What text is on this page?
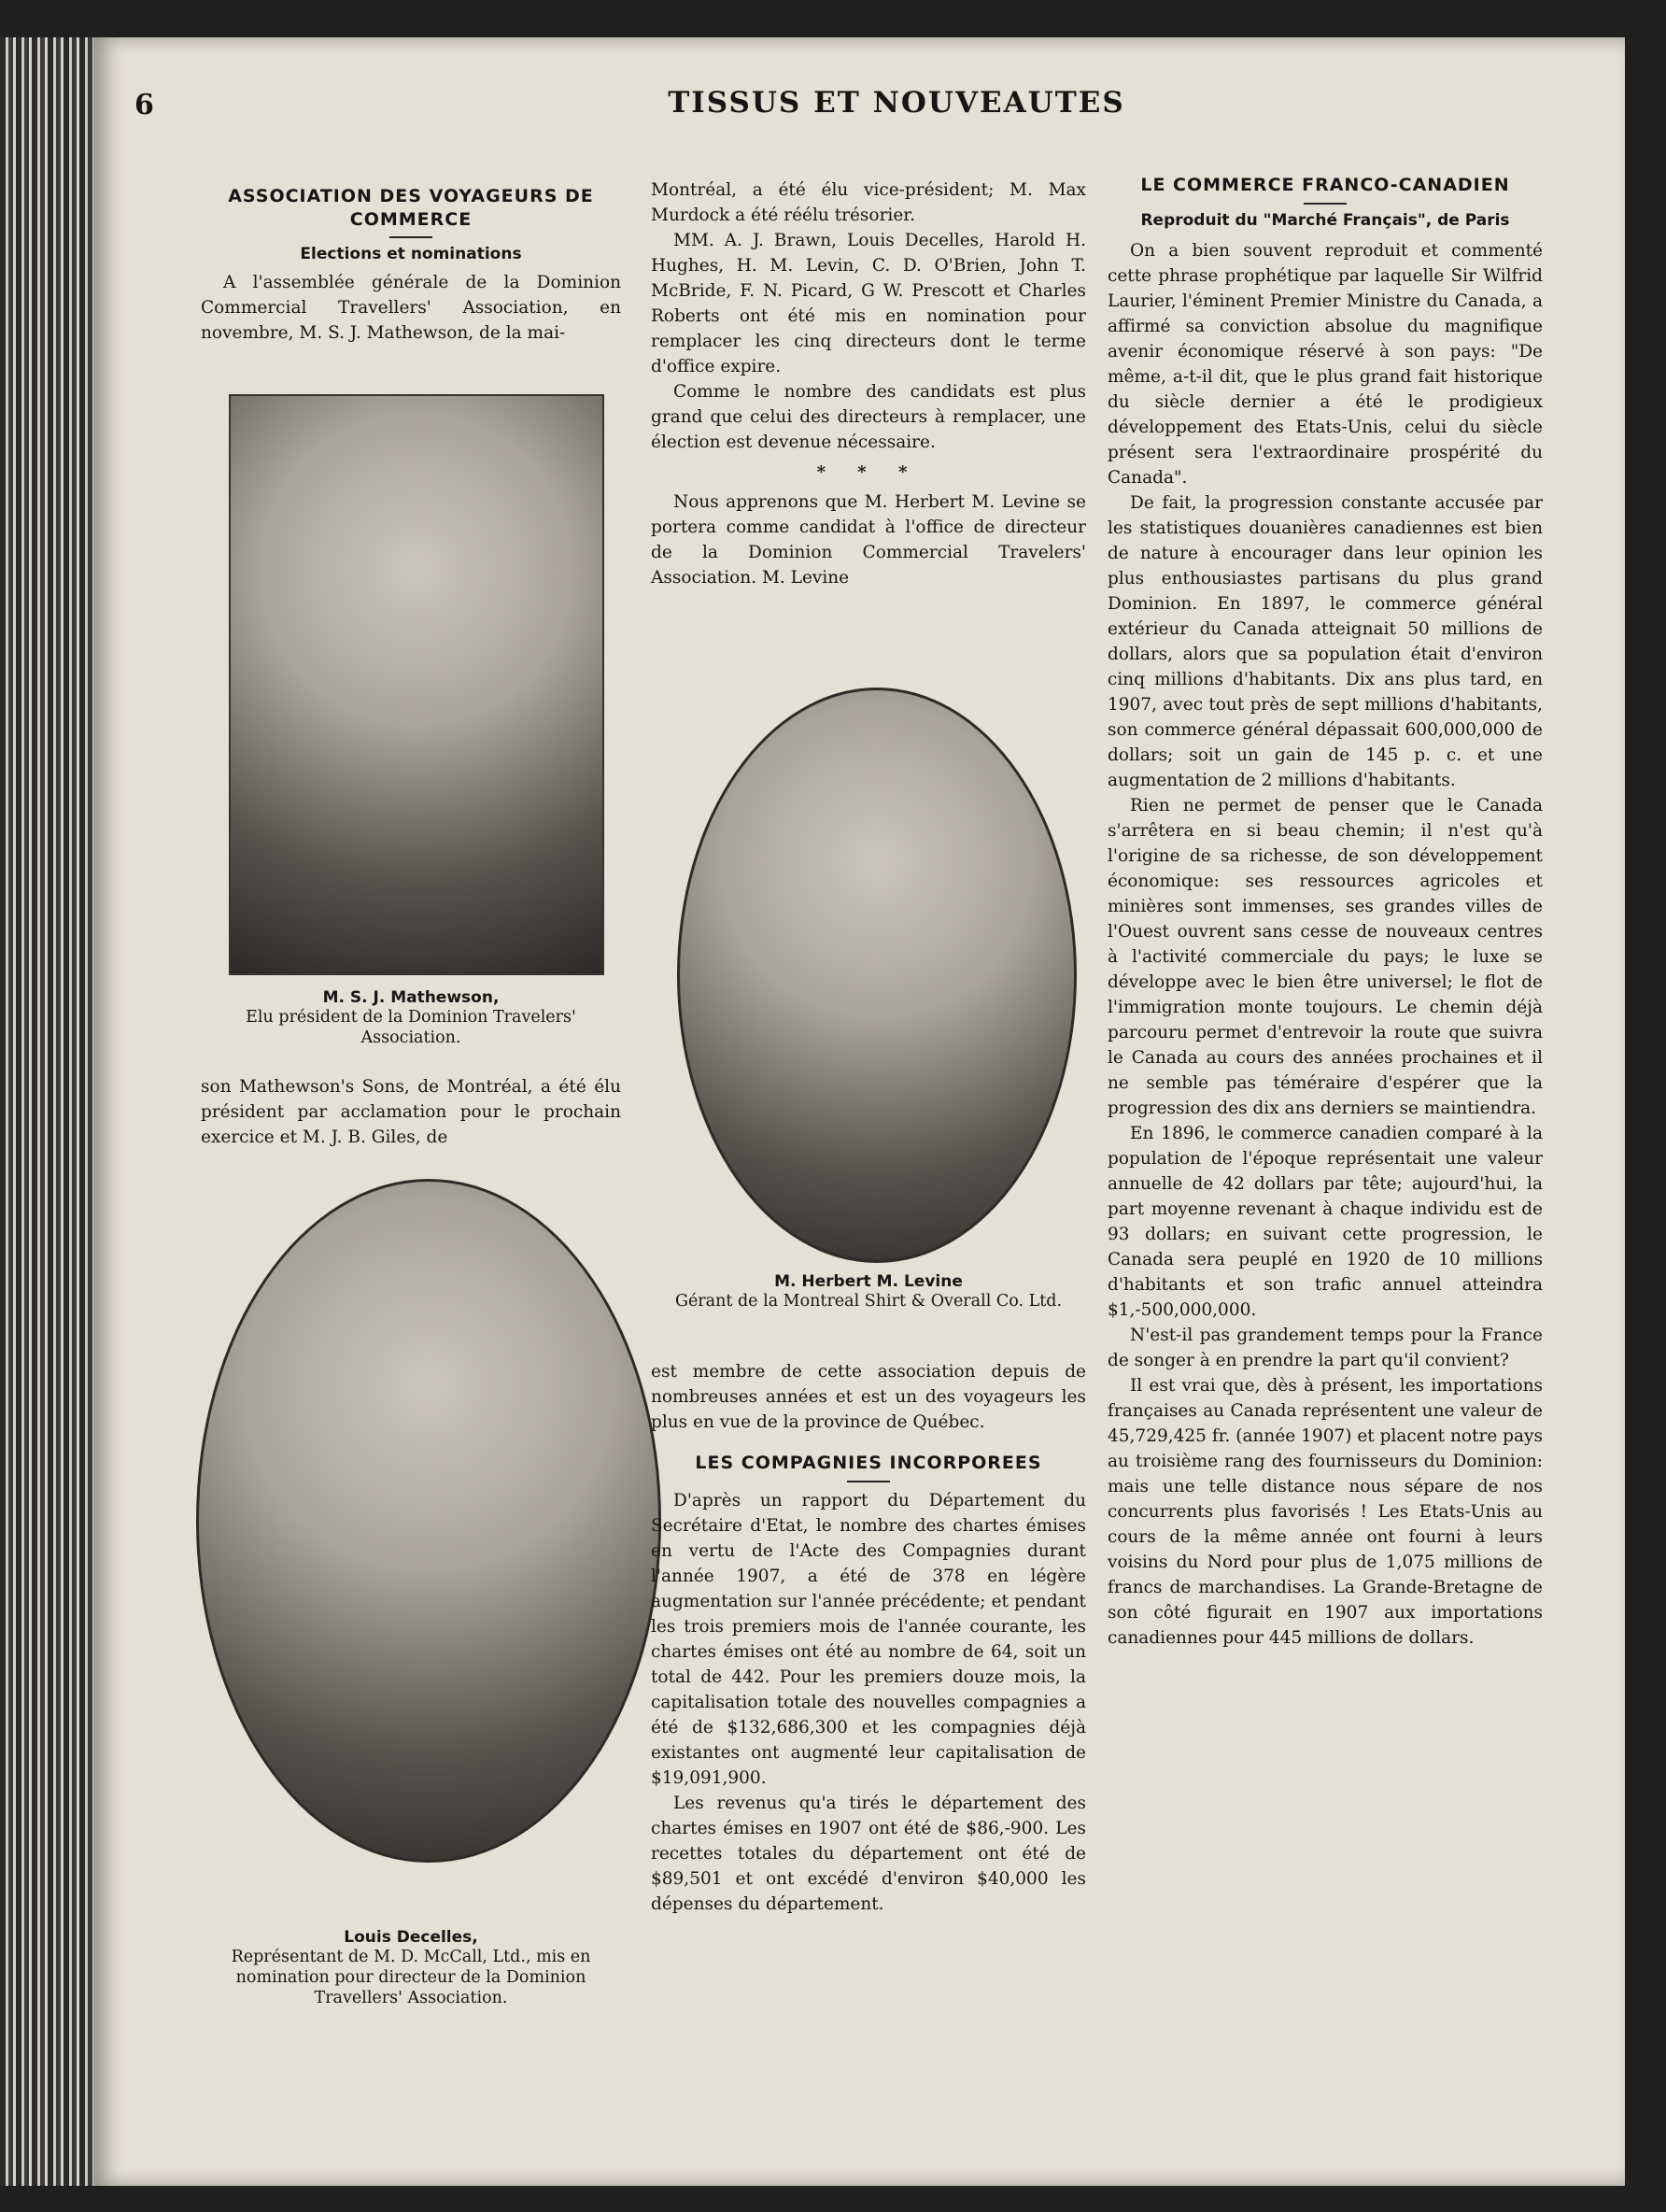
6	TISSUS ET NOUVEAUTES
ASSOCIATION DES VOYAGEURS DE COMMERCE
Elections et nominations

A l'assemblée générale de la Dominion Commercial Travellers' Association, en novembre, M. S. J. Mathewson, de la mai-

M. S. J. Mathewson,
Elu président de la Dominion Travelers' Association.

son Mathewson's Sons, de Montréal, a été élu président par acclamation pour le prochain exercice et M. J. B. Giles, de

Louis Decelles,
Représentant de M. D. McCall, Ltd., mis en nomination pour directeur de la Dominion Travellers' Association.

Montréal, a été élu vice-président; M. Max Murdock a été réélu trésorier.

MM. A. J. Brawn, Louis Decelles, Harold H. Hughes, H. M. Levin, C. D. O'Brien, John T. McBride, F. N. Picard, G W. Prescott et Charles Roberts ont été mis en nomination pour remplacer les cinq directeurs dont le terme d'office expire.

Comme le nombre des candidats est plus grand que celui des directeurs à remplacer, une élection est devenue nécessaire.

* * *

Nous apprenons que M. Herbert M. Levine se portera comme candidat à l'office de directeur de la Dominion Commercial Travelers' Association. M. Levine

M. Herbert M. Levine
Gérant de la Montreal Shirt & Overall Co. Ltd.

est membre de cette association depuis de nombreuses années et est un des voyageurs les plus en vue de la province de Québec.

LES COMPAGNIES INCORPOREES

D'après un rapport du Département du Secrétaire d'Etat, le nombre des chartes émises en vertu de l'Acte des Compagnies durant l'année 1907, a été de 378 en légère augmentation sur l'année précédente; et pendant les trois premiers mois de l'année courante, les chartes émises ont été au nombre de 64, soit un total de 442. Pour les premiers douze mois, la capitalisation totale des nouvelles compagnies a été de $132,686,300 et les compagnies déjà existantes ont augmenté leur capitalisation de $19,091,900.

Les revenus qu'a tirés le département des chartes émises en 1907 ont été de $86,-900. Les recettes totales du département ont été de $89,501 et ont excédé d'environ $40,000 les dépenses du département.

LE COMMERCE FRANCO-CANADIEN
Reproduit du "Marché Français", de Paris

On a bien souvent reproduit et commenté cette phrase prophétique par laquelle Sir Wilfrid Laurier, l'éminent Premier Ministre du Canada, a affirmé sa conviction absolue du magnifique avenir économique réservé à son pays: "De même, a-t-il dit, que le plus grand fait historique du siècle dernier a été le prodigieux développement des Etats-Unis, celui du siècle présent sera l'extraordinaire prospérité du Canada".

De fait, la progression constante accusée par les statistiques douanières canadiennes est bien de nature à encourager dans leur opinion les plus enthousiastes partisans du plus grand Dominion. En 1897, le commerce général extérieur du Canada atteignait 50 millions de dollars, alors que sa population était d'environ cinq millions d'habitants. Dix ans plus tard, en 1907, avec tout près de sept millions d'habitants, son commerce général dépassait 600,000,000 de dollars; soit un gain de 145 p. c. et une augmentation de 2 millions d'habitants.

Rien ne permet de penser que le Canada s'arrêtera en si beau chemin; il n'est qu'à l'origine de sa richesse, de son développement économique: ses ressources agricoles et minières sont immenses, ses grandes villes de l'Ouest ouvrent sans cesse de nouveaux centres à l'activité commerciale du pays; le luxe se développe avec le bien être universel; le flot de l'immigration monte toujours. Le chemin déjà parcouru permet d'entrevoir la route que suivra le Canada au cours des années prochaines et il ne semble pas téméraire d'espérer que la progression des dix ans derniers se maintiendra.

En 1896, le commerce canadien comparé à la population de l'époque représentait une valeur annuelle de 42 dollars par tête; aujourd'hui, la part moyenne revenant à chaque individu est de 93 dollars; en suivant cette progression, le Canada sera peuplé en 1920 de 10 millions d'habitants et son trafic annuel atteindra $1,-500,000,000.

N'est-il pas grandement temps pour la France de songer à en prendre la part qu'il convient?

Il est vrai que, dès à présent, les importations françaises au Canada représentent une valeur de 45,729,425 fr. (année 1907) et placent notre pays au troisième rang des fournisseurs du Dominion: mais une telle distance nous sépare de nos concurrents plus favorisés ! Les Etats-Unis au cours de la même année ont fourni à leurs voisins du Nord pour plus de 1,075 millions de francs de marchandises. La Grande-Bretagne de son côté figurait en 1907 aux importations canadiennes pour 445 millions de dollars.
